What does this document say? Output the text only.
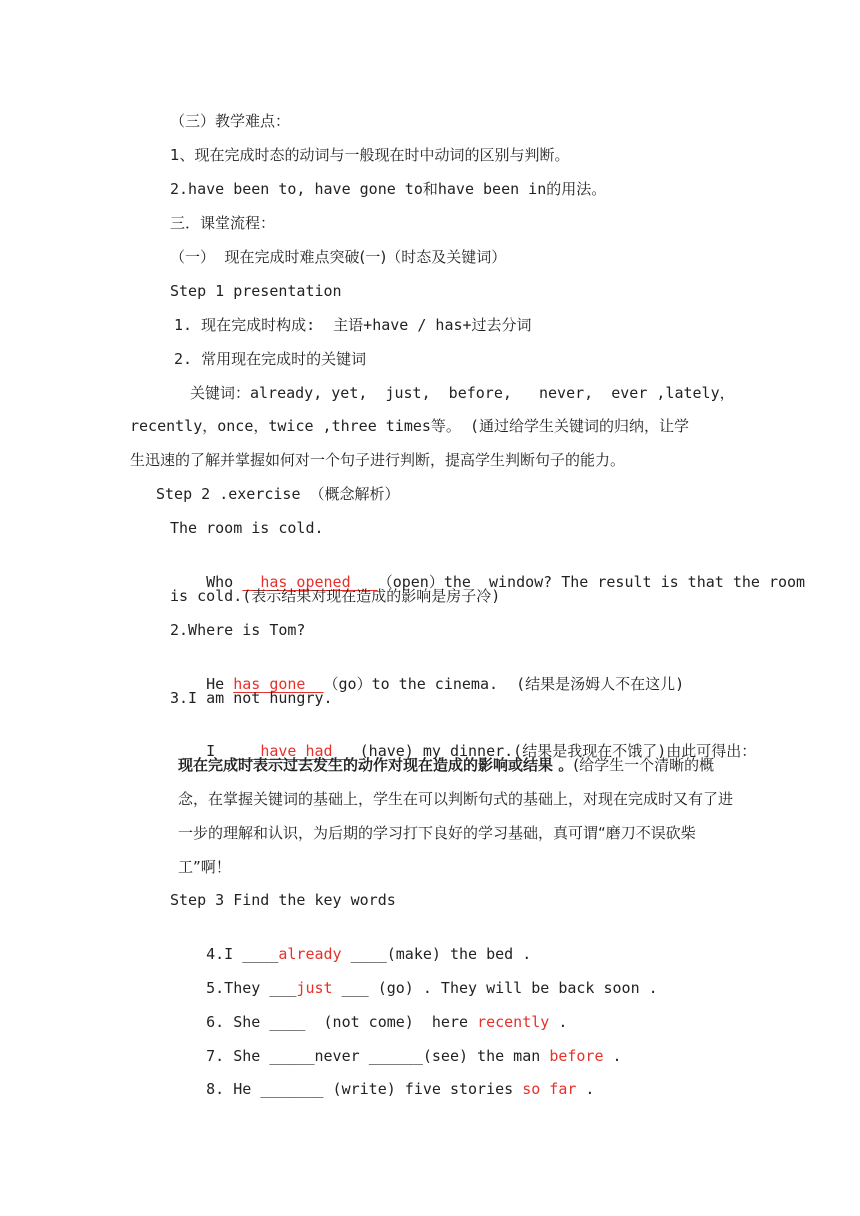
（三）教学难点：
1、现在完成时态的动词与一般现在时中动词的区别与判断。
2.have been to, have gone to和have been in的用法。
三．课堂流程：
（一）  现在完成时难点突破(一)（时态及关键词）
Step 1 presentation
1. 现在完成时构成:  主语+have / has+过去分词
2. 常用现在完成时的关键词
关键词：already, yet,  just,  before,   never,  ever ,lately，
recently，once，twice ,three times等。 (通过给学生关键词的归纳，让学
生迅速的了解并掌握如何对一个句子进行判断，提高学生判断句子的能力。
Step 2 .exercise （概念解析）
The room is cold.

Who   has opened （open）the  window? The result is that the room

is cold.(表示结果对现在造成的影响是房子冷)
2.Where is Tom?

He has gone （go）to the cinema.  (结果是汤姆人不在这儿)

3.I am not hungry.

I     have had   (have) my dinner.(结果是我现在不饿了)由此可得出：

现在完成时表示过去发生的动作对现在造成的影响或结果 。(给学生一个清晰的概念，在掌握关键词的基础上，学生在可以判断句式的基础上，对现在完成时又有了进一步的理解和认识，为后期的学习打下良好的学习基础，真可谓“磨刀不误砍柴工”啊！
Step 3 Find the key words

4.I ____already ____(make) the bed .

5.They ___just ___ (go) . They will be back soon .

6. She ____  (not come)  here recently .

7. She _____never ______(see) the man before .

8. He _______ (write) five stories so far .
